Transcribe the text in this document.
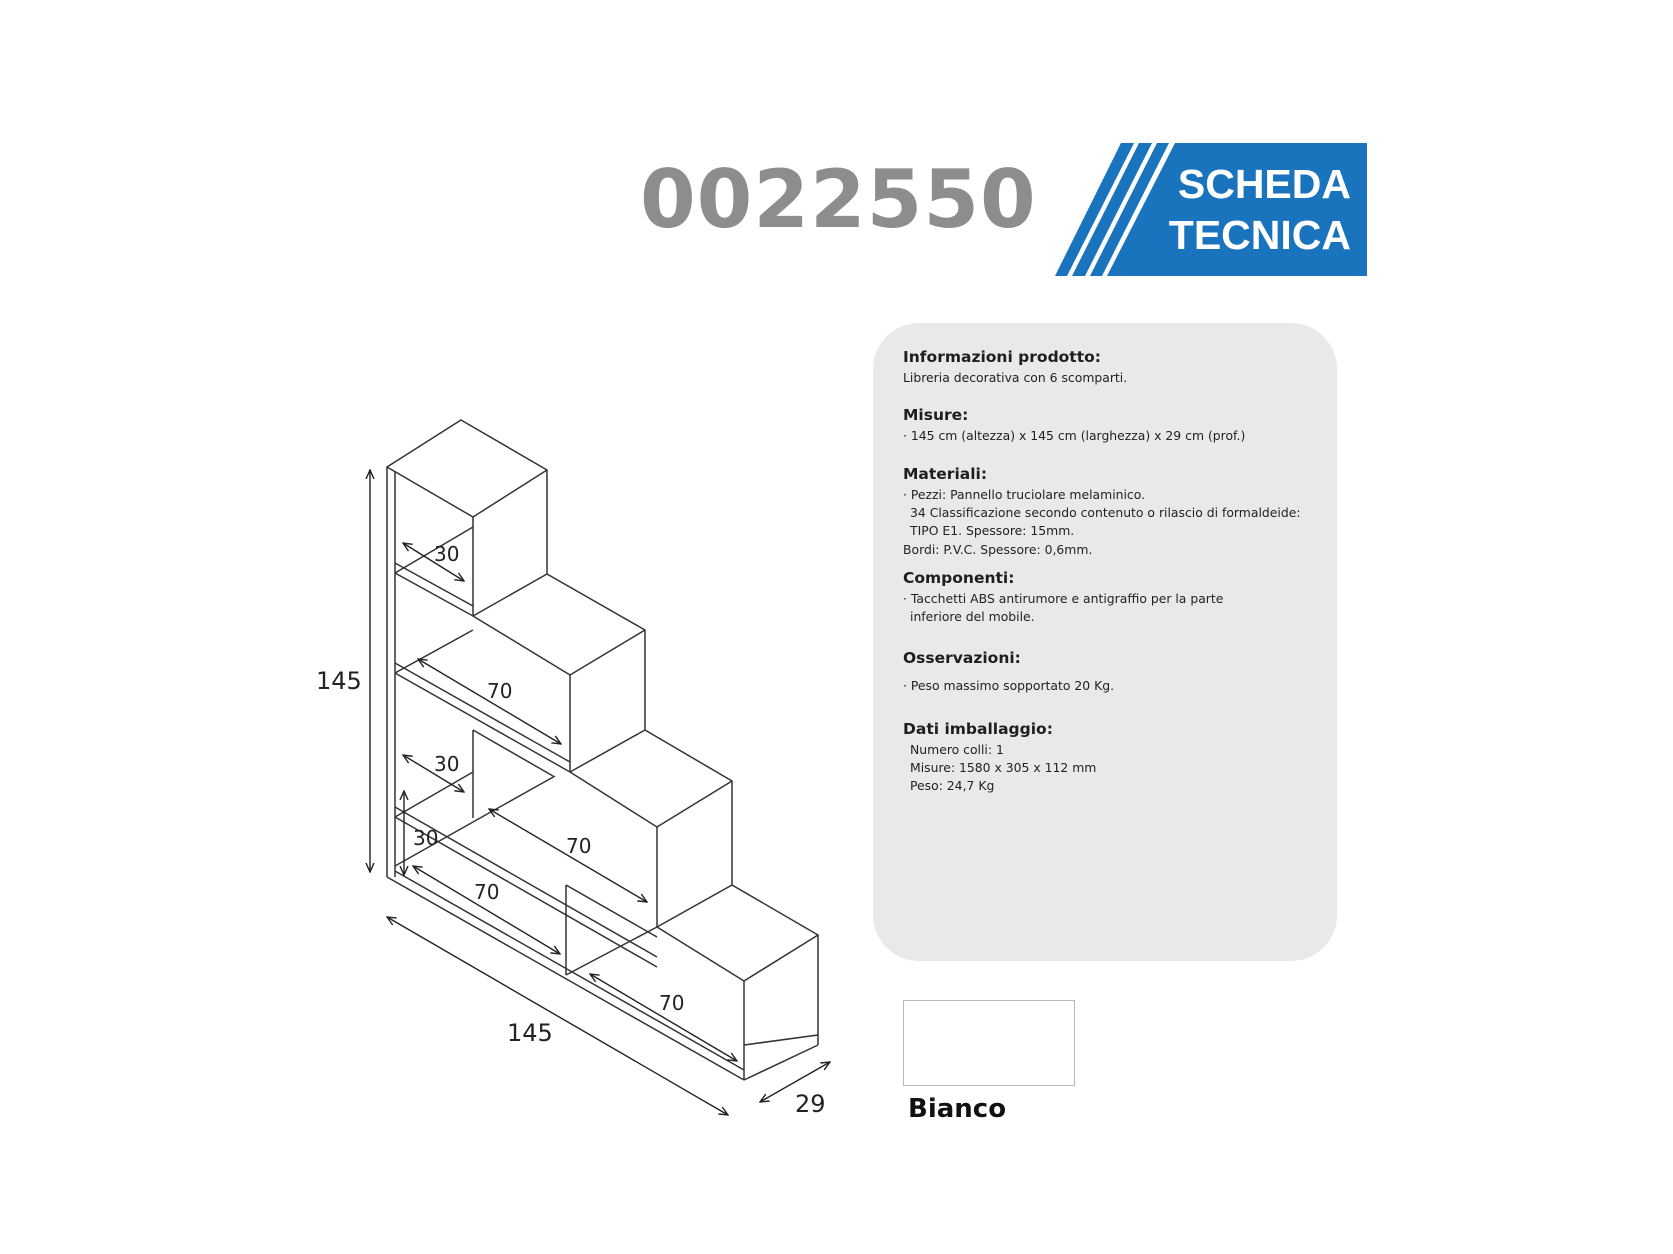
0022550	SCHEDA
TECNICA
145
145
29
30
70
30
70
30
70
70
Informazioni prodotto:

Libreria decorativa con 6 scomparti.

Misure:

· 145 cm (altezza) x 145 cm (larghezza) x 29 cm (prof.)

Materiali:

· Pezzi: Pannello truciolare melaminico.
34 Classificazione secondo contenuto o rilascio di formaldeide:
TIPO E1. Spessore: 15mm.
Bordi: P.V.C. Spessore: 0,6mm.

Componenti:

· Tacchetti ABS antirumore e antigraffio per la parte
inferiore del mobile.

Osservazioni:

· Peso massimo sopportato 20 Kg.

Dati imballaggio:

Numero colli: 1
Misure: 1580 x 305 x 112 mm
Peso: 24,7 Kg

Bianco
